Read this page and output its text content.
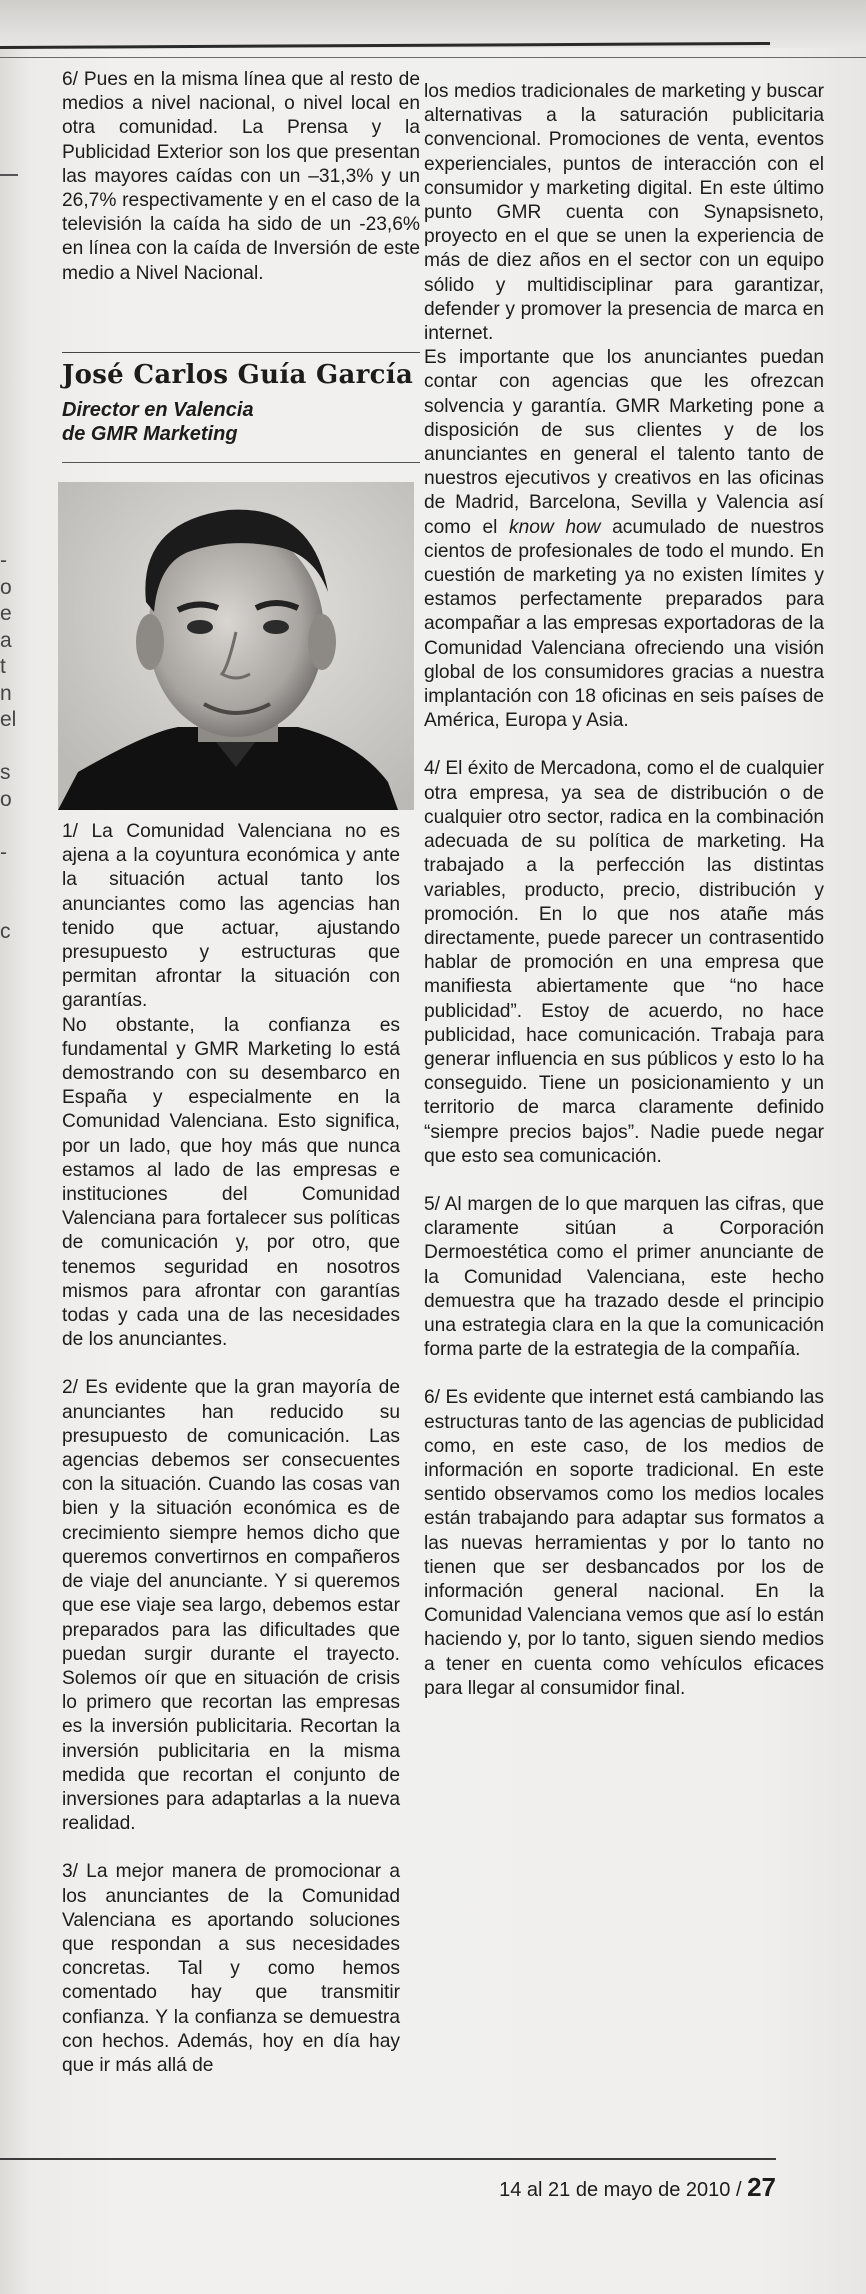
-
o
e
a
t
n
el

s
o

-

c

6/ Pues en la misma línea que al resto de medios a nivel nacional, o nivel local en otra comunidad. La Prensa y la Publicidad Exterior son los que presentan las mayores caídas con un –31,3% y un 26,7% respectivamente y en el caso de la televisión la caída ha sido de un -23,6% en línea con la caída de Inversión de este medio a Nivel Nacional.

José Carlos Guía García
Director en Valencia
de GMR Marketing

1/ La Comunidad Valenciana no es ajena a la coyuntura económica y ante la situación actual tanto los anunciantes como las agencias han tenido que actuar, ajustando presupuesto y estructuras que permitan afrontar la situación con garantías.

No obstante, la confianza es fundamental y GMR Marketing lo está demostrando con su desembarco en España y especialmente en la Comunidad Valenciana. Esto significa, por un lado, que hoy más que nunca estamos al lado de las empresas e instituciones del Comunidad Valenciana para fortalecer sus políticas de comunicación y, por otro, que tenemos seguridad en nosotros mismos para afrontar con garantías todas y cada una de las necesidades de los anunciantes.

2/ Es evidente que la gran mayoría de anunciantes han reducido su presupuesto de comunicación. Las agencias debemos ser consecuentes con la situación. Cuando las cosas van bien y la situación económica es de crecimiento siempre hemos dicho que queremos convertirnos en compañeros de viaje del anunciante. Y si queremos que ese viaje sea largo, debemos estar preparados para las dificultades que puedan surgir durante el trayecto. Solemos oír que en situación de crisis lo primero que recortan las empresas es la inversión publicitaria. Recortan la inversión publicitaria en la misma medida que recortan el conjunto de inversiones para adaptarlas a la nueva realidad.

3/ La mejor manera de promocionar a los anunciantes de la Comunidad Valenciana es aportando soluciones que respondan a sus necesidades concretas. Tal y como hemos comentado hay que transmitir confianza. Y la confianza se demuestra con hechos. Además, hoy en día hay que ir más allá de

los medios tradicionales de marketing y buscar alternativas a la saturación publicitaria convencional. Promociones de venta, eventos experienciales, puntos de interacción con el consumidor y marketing digital. En este último punto GMR cuenta con Synapsisneto, proyecto en el que se unen la experiencia de más de diez años en el sector con un equipo sólido y multidisciplinar para garantizar, defender y promover la presencia de marca en internet.

Es importante que los anunciantes puedan contar con agencias que les ofrezcan solvencia y garantía. GMR Marketing pone a disposición de sus clientes y de los anunciantes en general el talento tanto de nuestros ejecutivos y creativos en las oficinas de Madrid, Barcelona, Sevilla y Valencia así como el know how acumulado de nuestros cientos de profesionales de todo el mundo. En cuestión de marketing ya no existen límites y estamos perfectamente preparados para acompañar a las empresas exportadoras de la Comunidad Valenciana ofreciendo una visión global de los consumidores gracias a nuestra implantación con 18 oficinas en seis países de América, Europa y Asia.

4/ El éxito de Mercadona, como el de cualquier otra empresa, ya sea de distribución o de cualquier otro sector, radica en la combinación adecuada de su política de marketing. Ha trabajado a la perfección las distintas variables, producto, precio, distribución y promoción. En lo que nos atañe más directamente, puede parecer un contrasentido hablar de promoción en una empresa que manifiesta abiertamente que “no hace publicidad”. Estoy de acuerdo, no hace publicidad, hace comunicación. Trabaja para generar influencia en sus públicos y esto lo ha conseguido. Tiene un posicionamiento y un territorio de marca claramente definido “siempre precios bajos”. Nadie puede negar que esto sea comunicación.

5/ Al margen de lo que marquen las cifras, que claramente sitúan a Corporación Dermoestética como el primer anunciante de la Comunidad Valenciana, este hecho demuestra que ha trazado desde el principio una estrategia clara en la que la comunicación forma parte de la estrategia de la compañía.

6/ Es evidente que internet está cambiando las estructuras tanto de las agencias de publicidad como, en este caso, de los medios de información en soporte tradicional. En este sentido observamos como los medios locales están trabajando para adaptar sus formatos a las nuevas herramientas y por lo tanto no tienen que ser desbancados por los de información general nacional. En la Comunidad Valenciana vemos que así lo están haciendo y, por lo tanto, siguen siendo medios a tener en cuenta como vehículos eficaces para llegar al consumidor final.

14 al 21 de mayo de 2010 / 27
